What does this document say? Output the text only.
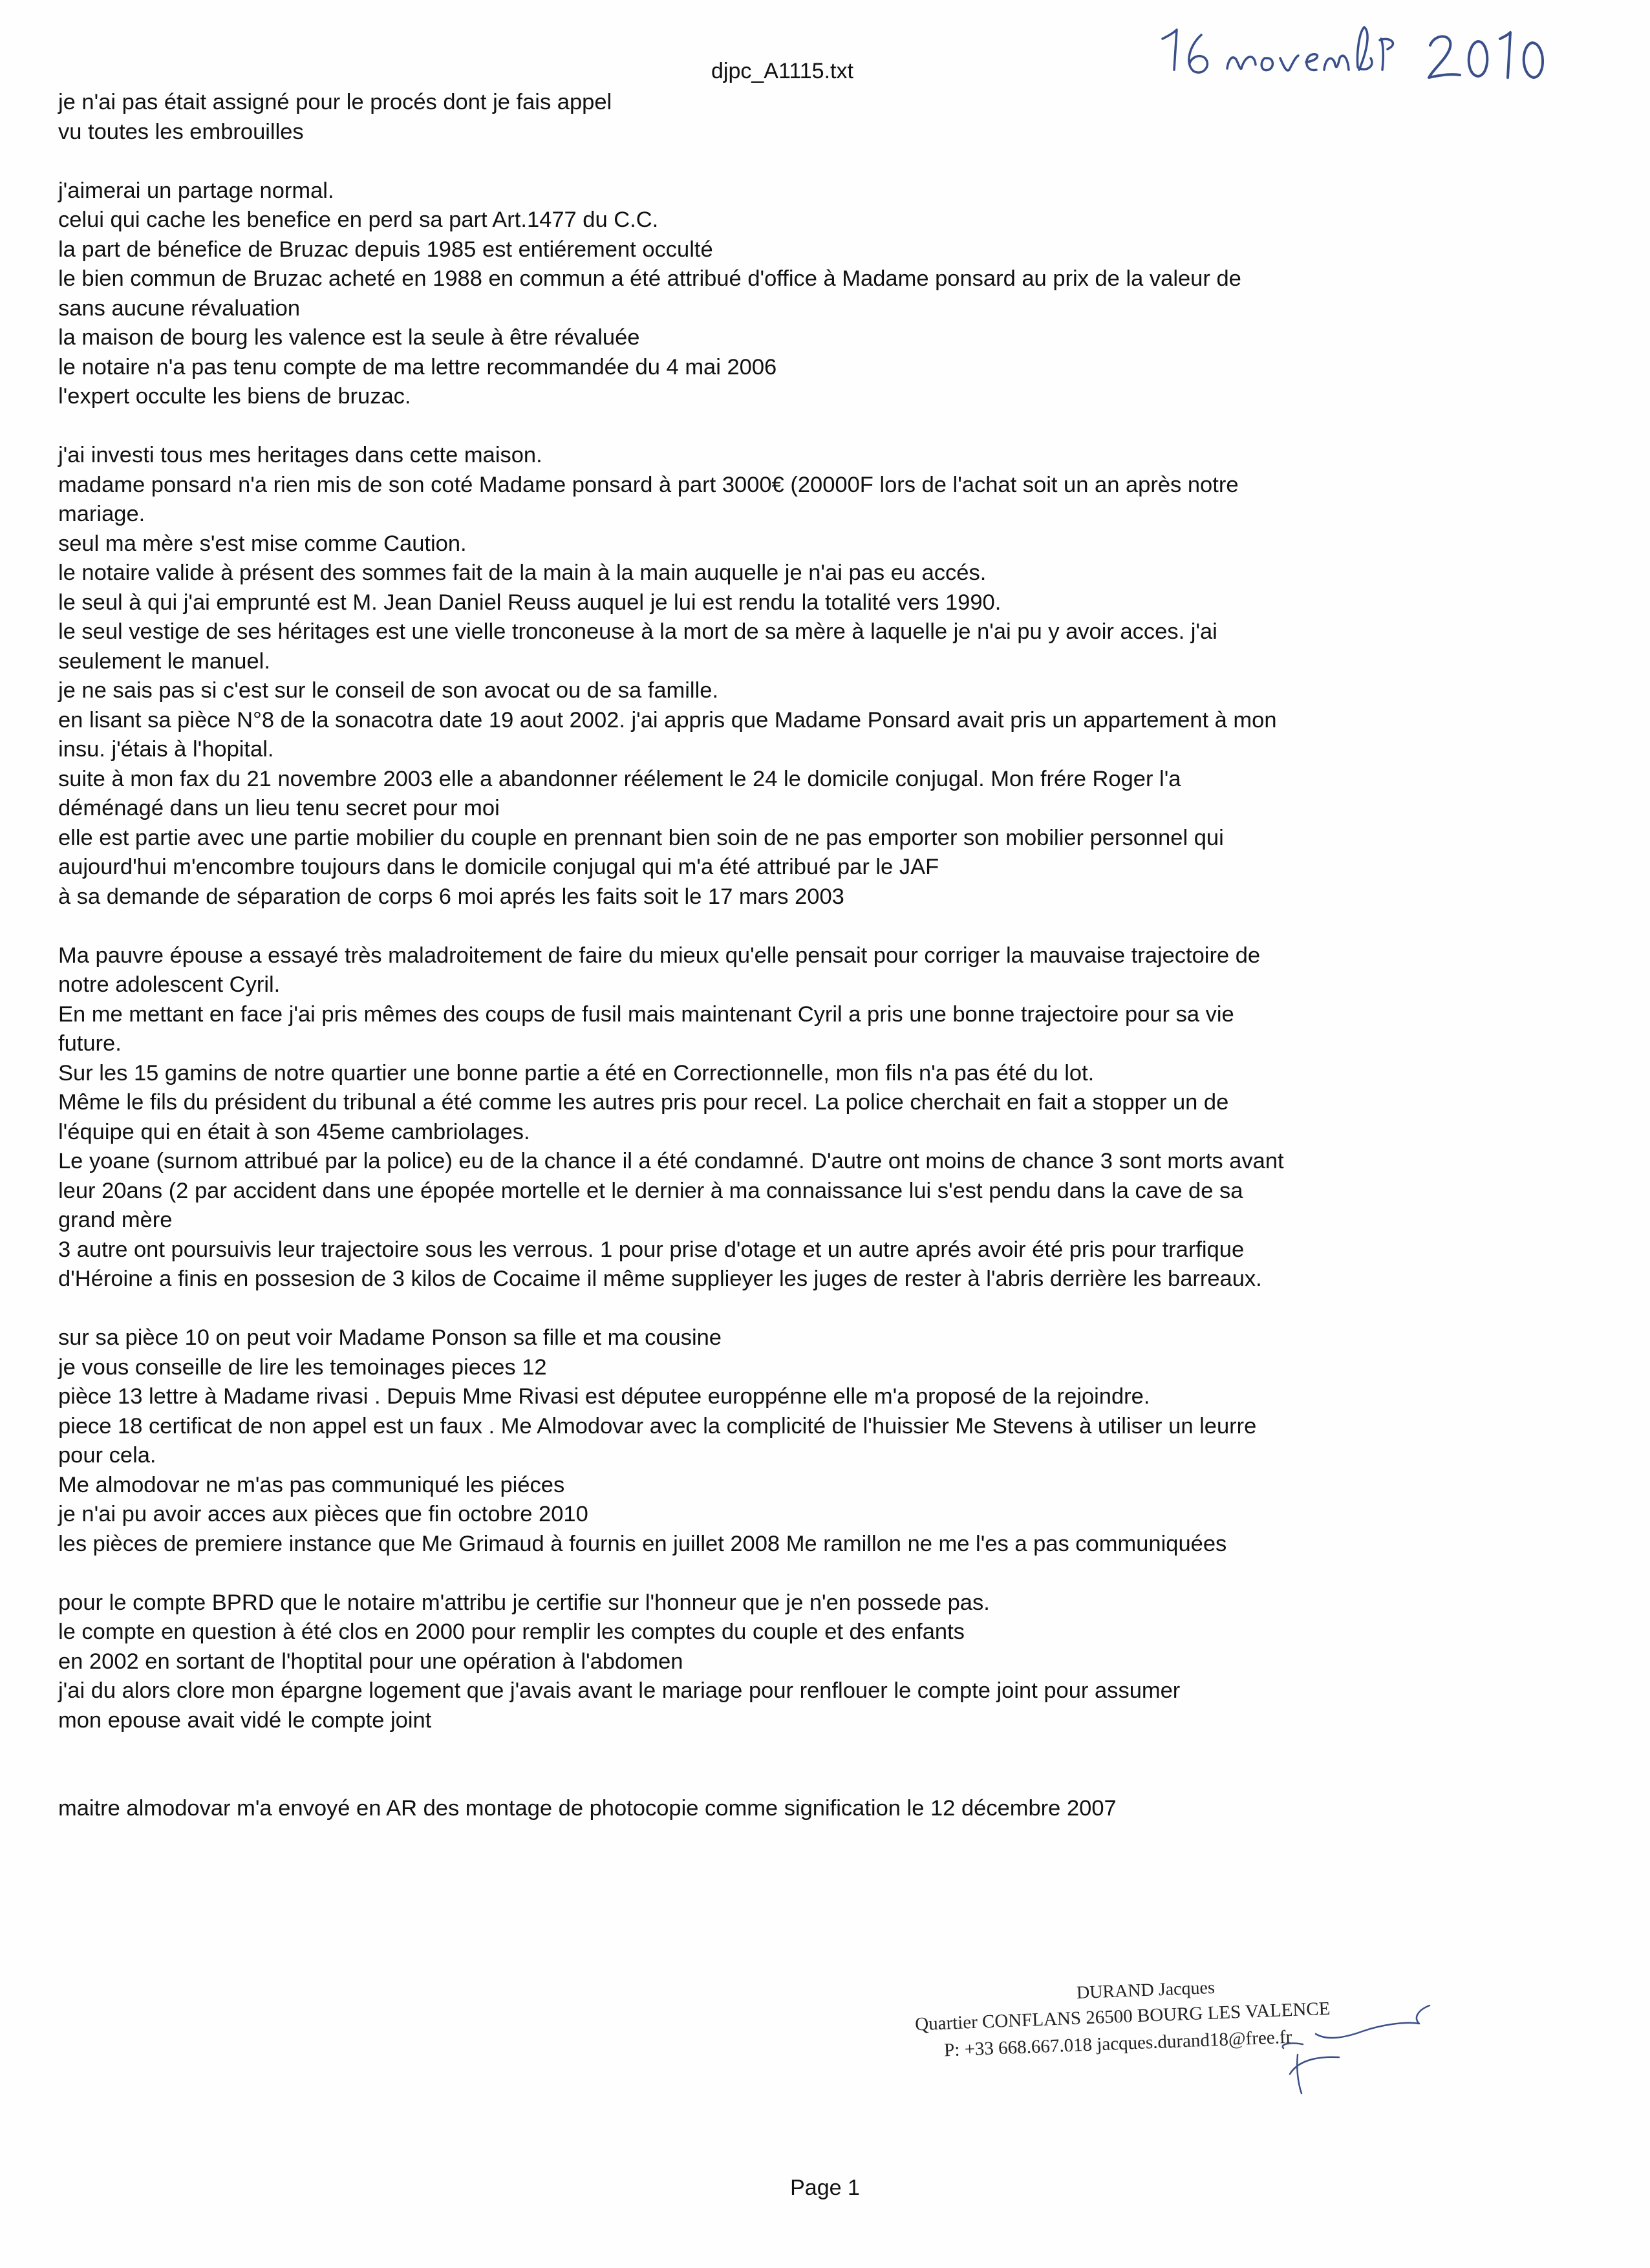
djpc_A1115.txt
je n'ai pas était assigné pour le procés dont je fais appel
vu toutes les embrouilles
j'aimerai un partage normal.
celui qui cache les benefice en perd sa part Art.1477 du C.C.
la part de bénefice de Bruzac depuis 1985 est entiérement occulté
le bien commun de Bruzac acheté en 1988 en commun a été attribué d'office à Madame ponsard au prix de la valeur de
sans aucune révaluation
la maison de bourg les valence est la seule à être révaluée
le notaire n'a pas tenu compte de ma lettre recommandée du 4 mai 2006
l'expert occulte les biens de bruzac.
j'ai investi tous mes heritages dans cette maison.
madame ponsard n'a rien mis de son coté Madame ponsard à part 3000€ (20000F lors de l'achat soit un an après notre
mariage.
seul ma mère s'est mise comme Caution.
le notaire valide à présent des sommes fait de la main à la main auquelle je n'ai pas eu accés.
le seul à qui j'ai emprunté est M. Jean Daniel Reuss auquel je lui est rendu la totalité vers 1990.
le seul vestige de ses héritages est une vielle tronconeuse à la mort de sa mère à laquelle je n'ai pu y avoir acces. j'ai
seulement le manuel.
je ne sais pas si c'est sur le conseil de son avocat ou de sa famille.
en lisant sa pièce N°8 de la sonacotra date 19 aout 2002. j'ai appris que Madame Ponsard avait pris un appartement à mon
insu. j'étais à l'hopital.
suite à mon fax du 21 novembre 2003 elle a abandonner réélement le 24 le domicile conjugal. Mon frére Roger l'a
déménagé dans un lieu tenu secret pour moi
elle est partie avec une partie mobilier du couple en prennant bien soin de ne pas emporter son mobilier personnel qui
aujourd'hui m'encombre toujours dans le domicile conjugal qui m'a été attribué par le JAF
à sa demande de séparation de corps 6 moi aprés les faits soit le 17 mars 2003
Ma pauvre épouse a essayé très maladroitement de faire du mieux qu'elle pensait pour corriger la mauvaise trajectoire de
notre adolescent Cyril.
En me mettant en face j'ai pris mêmes des coups de fusil mais maintenant Cyril a pris une bonne trajectoire pour sa vie
future.
Sur les 15 gamins de notre quartier une bonne partie a été en Correctionnelle, mon fils n'a pas été du lot.
Même le fils du président du tribunal a été comme les autres pris pour recel. La police cherchait en fait a stopper un de
l'équipe qui en était à son 45eme cambriolages.
Le yoane (surnom attribué par la police) eu de la chance il a été condamné. D'autre ont moins de chance 3 sont morts avant
leur 20ans (2 par accident dans une épopée mortelle et le dernier à ma connaissance lui s'est pendu dans la cave de sa
grand mère
3 autre ont poursuivis leur trajectoire sous les verrous. 1 pour prise d'otage et un autre aprés avoir été pris pour trarfique
d'Héroine a finis en possesion de 3 kilos de Cocaime il même supplieyer les juges de rester à l'abris derrière les barreaux.
sur sa pièce 10 on peut voir Madame Ponson sa fille et ma cousine
je vous conseille de lire les temoinages pieces 12
pièce 13 lettre à Madame rivasi . Depuis Mme Rivasi est députee europpénne elle m'a proposé de la rejoindre.
piece 18 certificat de non appel est un faux . Me Almodovar avec la complicité de l'huissier Me Stevens à utiliser un leurre
pour cela.
Me almodovar ne m'as pas communiqué les piéces
je n'ai pu avoir acces aux pièces que fin octobre 2010
les pièces de premiere instance que Me Grimaud à fournis en juillet 2008 Me ramillon ne me l'es a pas communiquées
pour le compte BPRD que le notaire m'attribu je certifie sur l'honneur que je n'en possede pas.
le compte en question à été clos en 2000 pour remplir les comptes du couple et des enfants
en 2002 en sortant de l'hoptital pour une opération à l'abdomen
j'ai du alors clore mon épargne logement que j'avais avant le mariage pour renflouer le compte joint pour assumer
mon epouse avait vidé le compte joint
maitre almodovar m'a envoyé en AR des montage de photocopie comme signification le 12 décembre 2007
DURAND Jacques
Quartier CONFLANS 26500 BOURG LES VALENCE
P: +33 668.667.018 jacques.durand18@free.fr
Page 1
